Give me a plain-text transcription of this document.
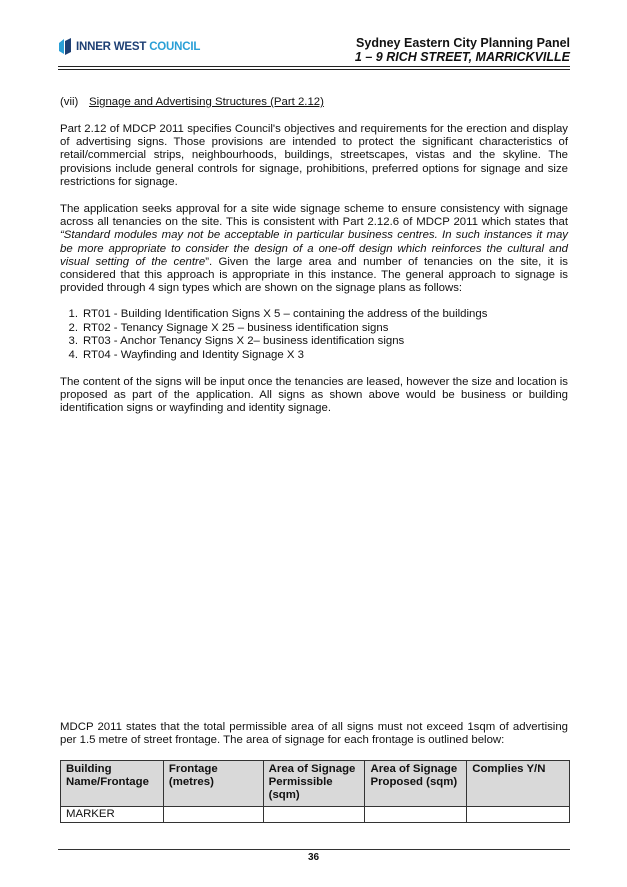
INNER WEST COUNCIL	Sydney Eastern City Planning Panel
1 – 9 RICH STREET, MARRICKVILLE
(vii) Signage and Advertising Structures (Part 2.12)

Part 2.12 of MDCP 2011 specifies Council's objectives and requirements for the erection and display of advertising signs. Those provisions are intended to protect the significant characteristics of retail/commercial strips, neighbourhoods, buildings, streetscapes, vistas and the skyline. The provisions include general controls for signage, prohibitions, preferred options for signage and size restrictions for signage.

The application seeks approval for a site wide signage scheme to ensure consistency with signage across all tenancies on the site. This is consistent with Part 2.12.6 of MDCP 2011 which states that “Standard modules may not be acceptable in particular business centres. In such instances it may be more appropriate to consider the design of a one-off design which reinforces the cultural and visual setting of the centre”. Given the large area and number of tenancies on the site, it is considered that this approach is appropriate in this instance. The general approach to signage is provided through 4 sign types which are shown on the signage plans as follows:

1. RT01 - Building Identification Signs X 5 – containing the address of the buildings
2. RT02 - Tenancy Signage X 25 – business identification signs
3. RT03 - Anchor Tenancy Signs X 2– business identification signs
4. RT04 - Wayfinding and Identity Signage X 3

The content of the signs will be input once the tenancies are leased, however the size and location is proposed as part of the application. All signs as shown above would be business or building identification signs or wayfinding and identity signage.

MDCP 2011 states that the total permissible area of all signs must not exceed 1sqm of advertising per 1.5 metre of street frontage. The area of signage for each frontage is outlined below:

Building Name/Frontage	Frontage (metres)	Area of Signage Permissible (sqm)	Area of Signage Proposed (sqm)	Complies Y/N
MARKER				
36
